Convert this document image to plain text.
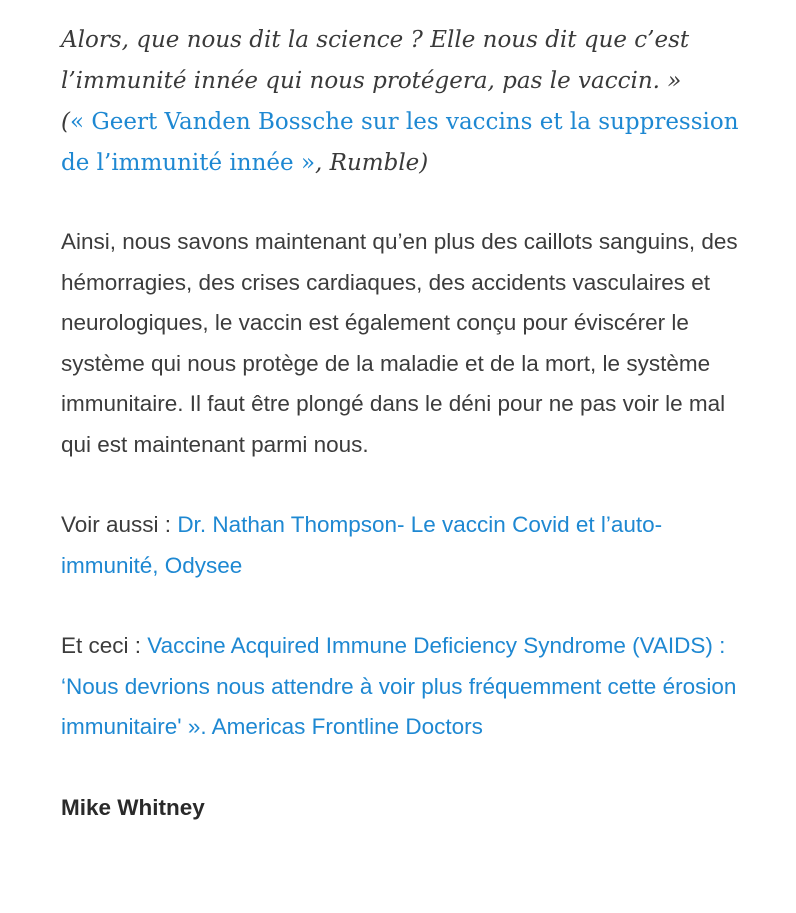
Alors, que nous dit la science ? Elle nous dit que c’est
l’immunité innée qui nous protégera, pas le vaccin. »
(« Geert Vanden Bossche sur les vaccins et la suppression de l’immunité innée », Rumble)

Ainsi, nous savons maintenant qu’en plus des caillots sanguins, des hémorragies, des crises cardiaques, des accidents vasculaires et neurologiques, le vaccin est également conçu pour éviscérer le système qui nous protège de la maladie et de la mort, le système immunitaire. Il faut être plongé dans le déni pour ne pas voir le mal qui est maintenant parmi nous.

Voir aussi : Dr. Nathan Thompson- Le vaccin Covid et l’auto-immunité, Odysee

Et ceci : Vaccine Acquired Immune Deficiency Syndrome (VAIDS) : ‘Nous devrions nous attendre à voir plus fréquemment cette érosion immunitaire' ». Americas Frontline Doctors

Mike Whitney
